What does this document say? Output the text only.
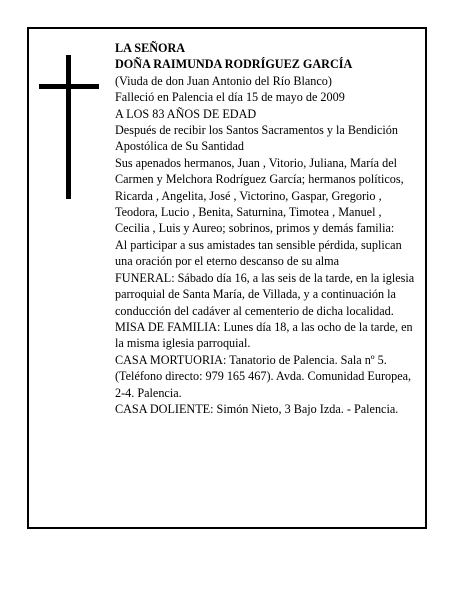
LA SEÑORA

DOÑA RAIMUNDA RODRÍGUEZ GARCÍA

(Viuda de don Juan Antonio del Río Blanco)

Falleció en Palencia el día 15 de mayo de 2009

A LOS 83 AÑOS DE EDAD

Después de recibir los Santos Sacramentos y la Bendición Apostólica de Su Santidad

Sus apenados hermanos, Juan , Vitorio, Juliana, María del Carmen y Melchora Rodríguez García; hermanos políticos, Ricarda , Angelita, José , Victorino, Gaspar, Gregorio , Teodora, Lucio , Benita, Saturnina, Timotea , Manuel , Cecilia , Luis y Aureo; sobrinos, primos y demás familia:

Al participar a sus amistades tan sensible pérdida, suplican una oración por el eterno descanso de su alma

FUNERAL: Sábado día 16, a las seis de la tarde, en la iglesia parroquial de Santa María, de Villada, y a continuación la conducción del cadáver al cementerio de dicha localidad.

MISA DE FAMILIA: Lunes día 18, a las ocho de la tarde, en la misma iglesia parroquial.

CASA MORTUORIA: Tanatorio de Palencia. Sala nº 5. (Teléfono directo: 979 165 467). Avda. Comunidad Europea, 2-4. Palencia.

CASA DOLIENTE: Simón Nieto, 3 Bajo Izda. - Palencia.
